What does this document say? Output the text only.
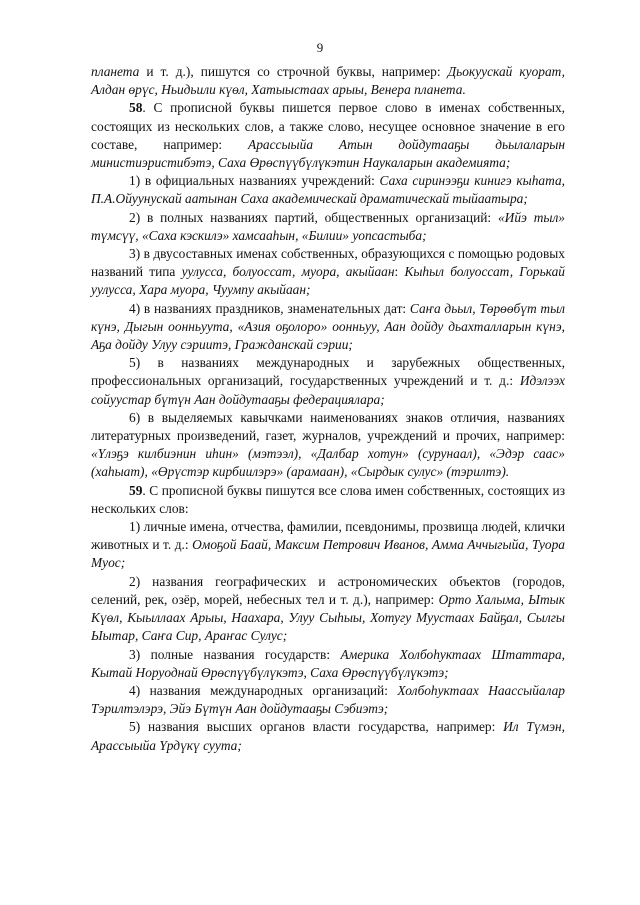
9

планета и т. д.), пишутся со строчной буквы, например: Дьокуускай куорат, Алдан өрүс, Ньидьили күөл, Хатыыстаах арыы, Венера планета.

58. С прописной буквы пишется первое слово в именах собственных, состоящих из нескольких слов, а также слово, несущее основное значение в его составе, например: Арассыыйа Атын дойдутааҕы дьылаларын министиэристибэтэ, Саха Өрөспүүбүлүкэтин Наукаларын академията;

1) в официальных названиях учреждений: Саха сиринээҕи кинигэ кыһата, П.А.Ойуунускай аатынан Саха академическай драматическай тыйаатыра;

2) в полных названиях партий, общественных организаций: «Ийэ тыл» түмсүү, «Саха кэскилэ» хамсааһын, «Билии» уопсастыба;

3) в двусоставных именах собственных, образующихся с помощью родовых названий типа уулусса, болуоссат, муора, акыйаан: Кыһыл болуоссат, Горькай уулусса, Хара муора, Чуумпу акыйаан;

4) в названиях праздников, знаменательных дат: Саҥа дьыл, Төрөөбүт тыл күнэ, Дыгын оонньуута, «Азия оҕолоро» оонньуу, Аан дойду дьахталларын күнэ, Аҕа дойду Улуу сэриитэ, Гражданскай сэрии;

5) в названиях международных и зарубежных общественных, профессиональных организаций, государственных учреждений и т. д.: Идэлээх сойуустар бүтүн Аан дойдутааҕы федерациялара;

6) в выделяемых кавычками наименованиях знаков отличия, названиях литературных произведений, газет, журналов, учреждений и прочих, например: «Үлэҕэ килбиэнин иһин» (мэтээл), «Далбар хотун» (сурунаал), «Эдэр саас» (хаһыат), «Өрүстэр кирбиилэрэ» (арамаан), «Сырдык сулус» (тэрилтэ).

59. С прописной буквы пишутся все слова имен собственных, состоящих из нескольких слов:

1) личные имена, отчества, фамилии, псевдонимы, прозвища людей, клички животных и т. д.: Омоҕой Баай, Максим Петрович Иванов, Амма Аччыгыйа, Туора Муос;

2) названия географических и астрономических объектов (городов, селений, рек, озёр, морей, небесных тел и т. д.), например: Орто Халыма, Ытык Күөл, Кыыллаах Арыы, Наахара, Улуу Сыһыы, Хотугу Муустаах Байҕал, Сылгы Ыытар, Саҥа Сир, Араҥас Сулус;

3) полные названия государств: Америка Холбоһуктаах Штаттара, Кытай Норуоднай Өрөспүүбүлүкэтэ, Саха Өрөспүүбүлүкэтэ;

4) названия международных организаций: Холбоһуктаах Наассыйалар Тэрилтэлэрэ, Эйэ Бүтүн Аан дойдутааҕы Сэбиэтэ;

5) названия высших органов власти государства, например: Ил Түмэн, Арассыыйа Үрдүкү суута;
